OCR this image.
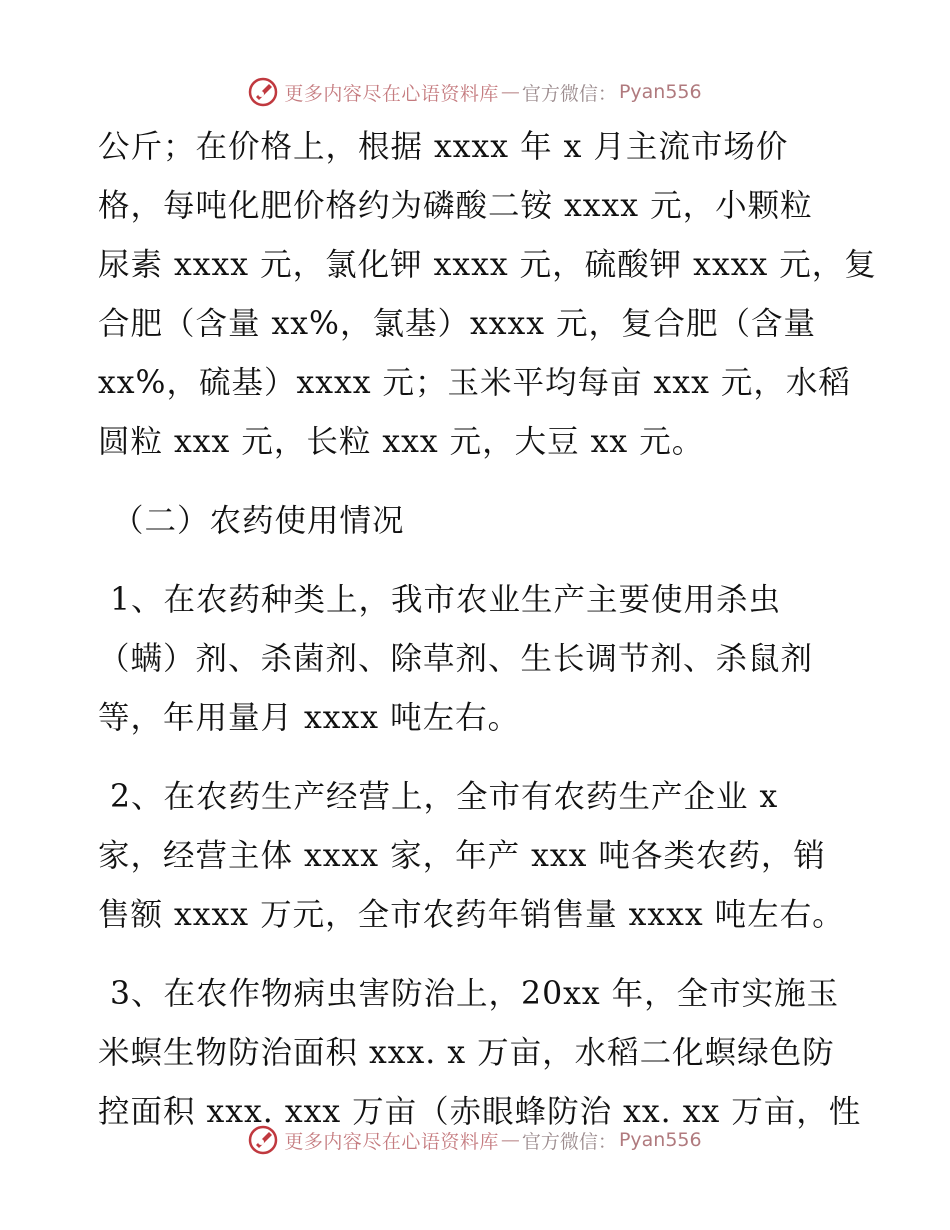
更多内容尽在心语资料库 — 官方微信： Pyan556

公斤；在价格上，根据 xxxx 年 x 月主流市场价
格，每吨化肥价格约为磷酸二铵 xxxx 元，小颗粒
尿素 xxxx 元，氯化钾 xxxx 元，硫酸钾 xxxx 元，复
合肥（含量 xx%，氯基）xxxx 元，复合肥（含量
xx%，硫基）xxxx 元；玉米平均每亩 xxx 元，水稻
圆粒 xxx 元，长粒 xxx 元，大豆 xx 元。

（二）农药使用情况

1、在农药种类上，我市农业生产主要使用杀虫
（螨）剂、杀菌剂、除草剂、生长调节剂、杀鼠剂
等，年用量月 xxxx 吨左右。

2、在农药生产经营上，全市有农药生产企业 x
家，经营主体 xxxx 家，年产 xxx 吨各类农药，销
售额 xxxx 万元，全市农药年销售量 xxxx 吨左右。

3、在农作物病虫害防治上，20xx 年，全市实施玉
米螟生物防治面积 xxx. x 万亩，水稻二化螟绿色防
控面积 xxx. xxx 万亩（赤眼蜂防治 xx. xx 万亩，性

更多内容尽在心语资料库 — 官方微信： Pyan556
